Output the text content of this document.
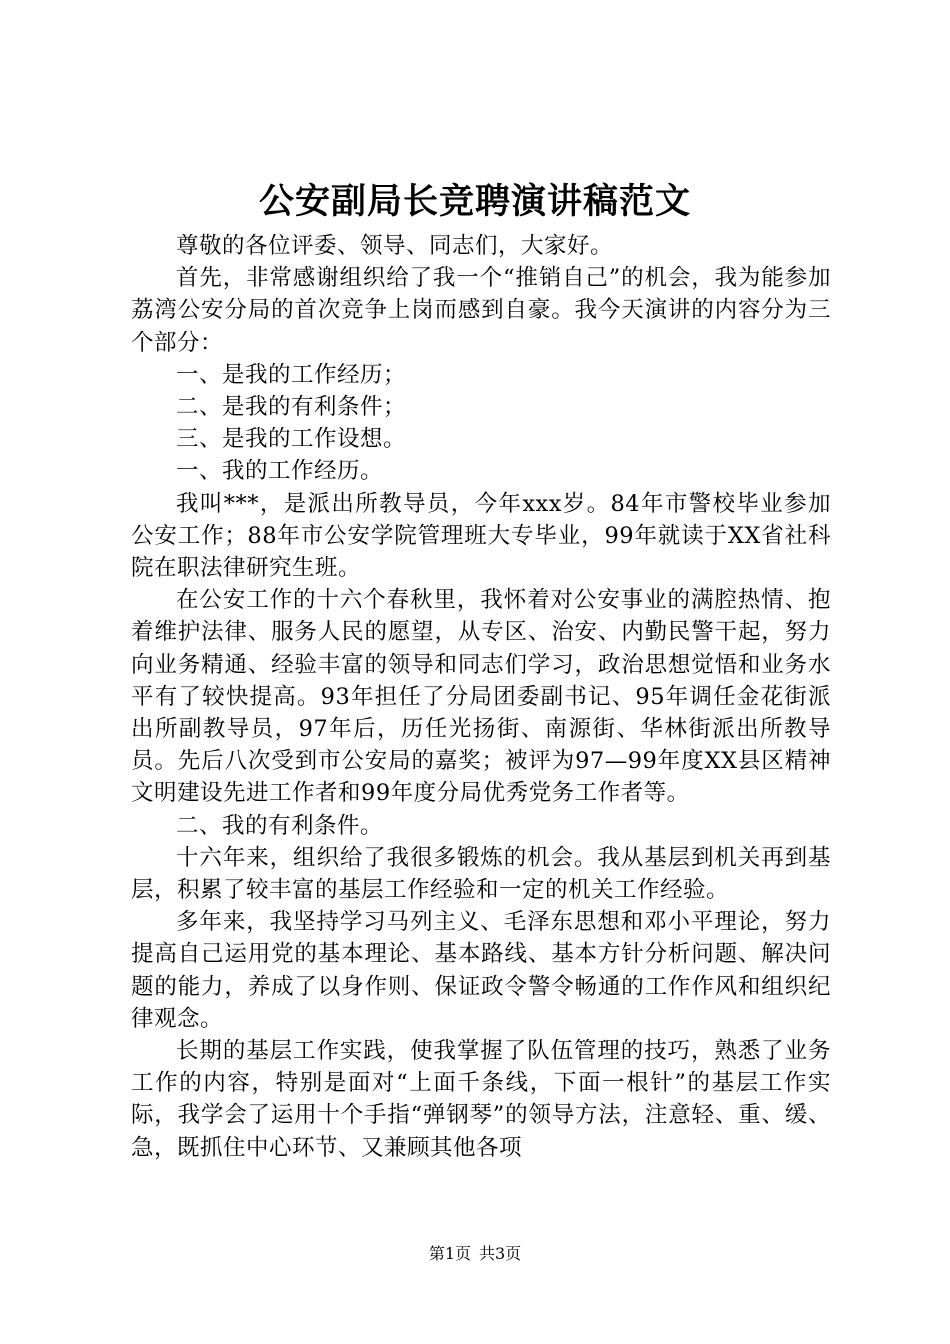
公安副局长竞聘演讲稿范文

尊敬的各位评委、领导、同志们，大家好。

首先，非常感谢组织给了我一个“推销自己”的机会，我为能参加荔湾公安分局的首次竞争上岗而感到自豪。我今天演讲的内容分为三个部分：

一、是我的工作经历；

二、是我的有利条件；

三、是我的工作设想。

一、我的工作经历。

我叫***，是派出所教导员，今年xxx岁。84年市警校毕业参加公安工作；88年市公安学院管理班大专毕业，99年就读于XX省社科院在职法律研究生班。

在公安工作的十六个春秋里，我怀着对公安事业的满腔热情、抱着维护法律、服务人民的愿望，从专区、治安、内勤民警干起，努力向业务精通、经验丰富的领导和同志们学习，政治思想觉悟和业务水平有了较快提高。93年担任了分局团委副书记、95年调任金花街派出所副教导员，97年后，历任光扬街、南源街、华林街派出所教导员。先后八次受到市公安局的嘉奖；被评为97—99年度XX县区精神文明建设先进工作者和99年度分局优秀党务工作者等。

二、我的有利条件。

十六年来，组织给了我很多锻炼的机会。我从基层到机关再到基层，积累了较丰富的基层工作经验和一定的机关工作经验。

多年来，我坚持学习马列主义、毛泽东思想和邓小平理论，努力提高自己运用党的基本理论、基本路线、基本方针分析问题、解决问题的能力，养成了以身作则、保证政令警令畅通的工作作风和组织纪律观念。

长期的基层工作实践，使我掌握了队伍管理的技巧，熟悉了业务工作的内容，特别是面对“上面千条线，下面一根针”的基层工作实际，我学会了运用十个手指“弹钢琴”的领导方法，注意轻、重、缓、急，既抓住中心环节、又兼顾其他各项

第1页 共3页
